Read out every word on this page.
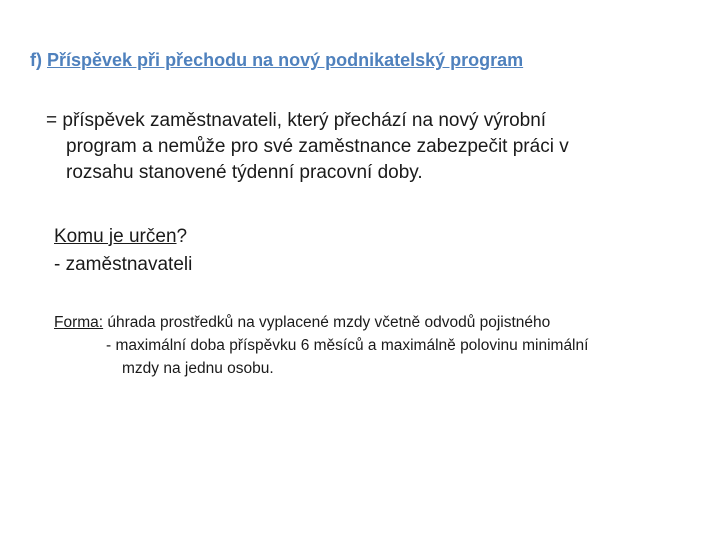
f) Příspěvek při přechodu na nový podnikatelský program
= příspěvek zaměstnavateli, který přechází na nový výrobní
program a nemůže pro své zaměstnance zabezpečit práci v
rozsahu stanovené týdenní pracovní doby.
Komu je určen?
- zaměstnavateli
Forma: úhrada prostředků na vyplacené mzdy včetně odvodů pojistného
- maximální doba příspěvku 6 měsíců a maximálně polovinu minimální
mzdy na jednu osobu.
